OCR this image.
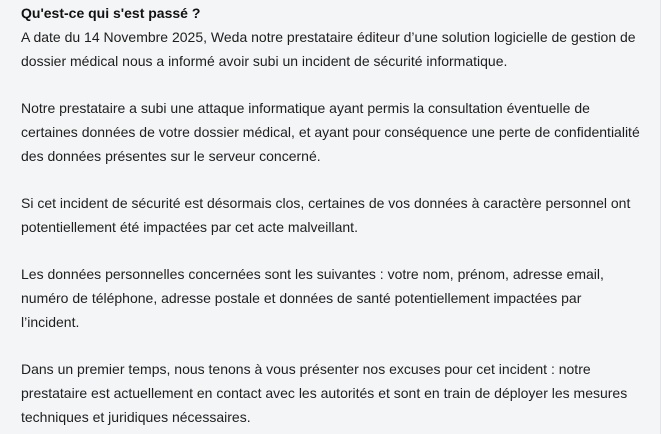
Qu'est-ce qui s'est passé ?

A date du 14 Novembre 2025, Weda notre prestataire éditeur d’une solution logicielle de gestion de dossier médical nous a informé avoir subi un incident de sécurité informatique.

Notre prestataire a subi une attaque informatique ayant permis la consultation éventuelle de certaines données de votre dossier médical, et ayant pour conséquence une perte de confidentialité des données présentes sur le serveur concerné.

Si cet incident de sécurité est désormais clos, certaines de vos données à caractère personnel ont potentiellement été impactées par cet acte malveillant.

Les données personnelles concernées sont les suivantes : votre nom, prénom, adresse email, numéro de téléphone, adresse postale et données de santé potentiellement impactées par l’incident.

Dans un premier temps, nous tenons à vous présenter nos excuses pour cet incident : notre prestataire est actuellement en contact avec les autorités et sont en train de déployer les mesures techniques et juridiques nécessaires.
